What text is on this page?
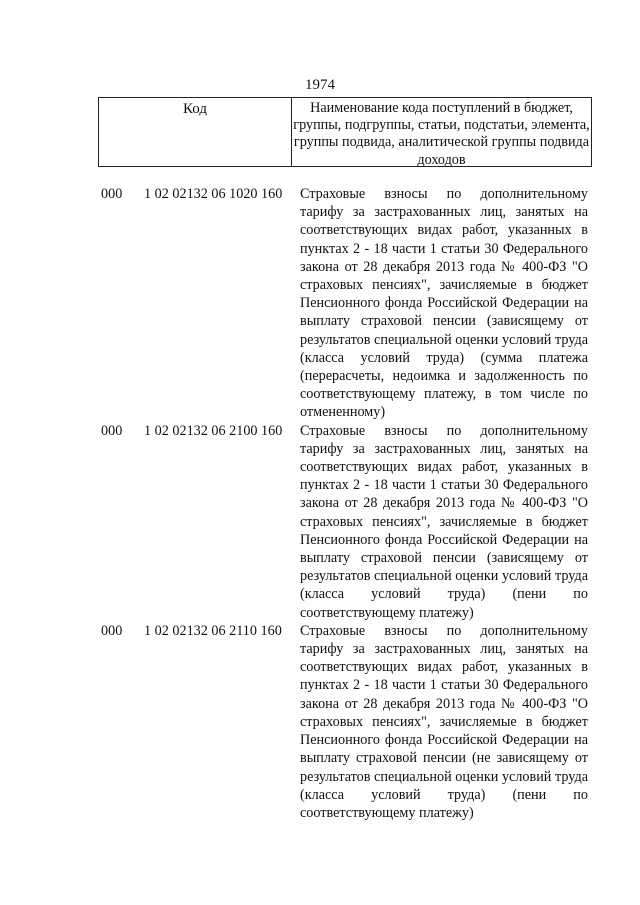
1974
Код	Наименование кода поступлений в бюджет, группы, подгруппы, статьи, подстатьи, элемента, группы подвида, аналитической группы подвида доходов
000	1 02 02132 06 1020 160	Страховые взносы по дополнительному тарифу за застрахованных лиц, занятых на соответствующих видах работ, указанных в пунктах 2 - 18 части 1 статьи 30 Федерального закона от 28 декабря 2013 года № 400-ФЗ "О страховых пенсиях", зачисляемые в бюджет Пенсионного фонда Российской Федерации на выплату страховой пенсии (зависящему от результатов специальной оценки условий труда (класса условий труда) (сумма платежа (перерасчеты, недоимка и задолженность по соответствующему платежу, в том числе по отмененному)
000	1 02 02132 06 2100 160	Страховые взносы по дополнительному тарифу за застрахованных лиц, занятых на соответствующих видах работ, указанных в пунктах 2 - 18 части 1 статьи 30 Федерального закона от 28 декабря 2013 года № 400-ФЗ "О страховых пенсиях", зачисляемые в бюджет Пенсионного фонда Российской Федерации на выплату страховой пенсии (зависящему от результатов специальной оценки условий труда (класса условий труда) (пени по соответствующему платежу)
000	1 02 02132 06 2110 160	Страховые взносы по дополнительному тарифу за застрахованных лиц, занятых на соответствующих видах работ, указанных в пунктах 2 - 18 части 1 статьи 30 Федерального закона от 28 декабря 2013 года № 400-ФЗ "О страховых пенсиях", зачисляемые в бюджет Пенсионного фонда Российской Федерации на выплату страховой пенсии (не зависящему от результатов специальной оценки условий труда (класса условий труда) (пени по соответствующему платежу)
